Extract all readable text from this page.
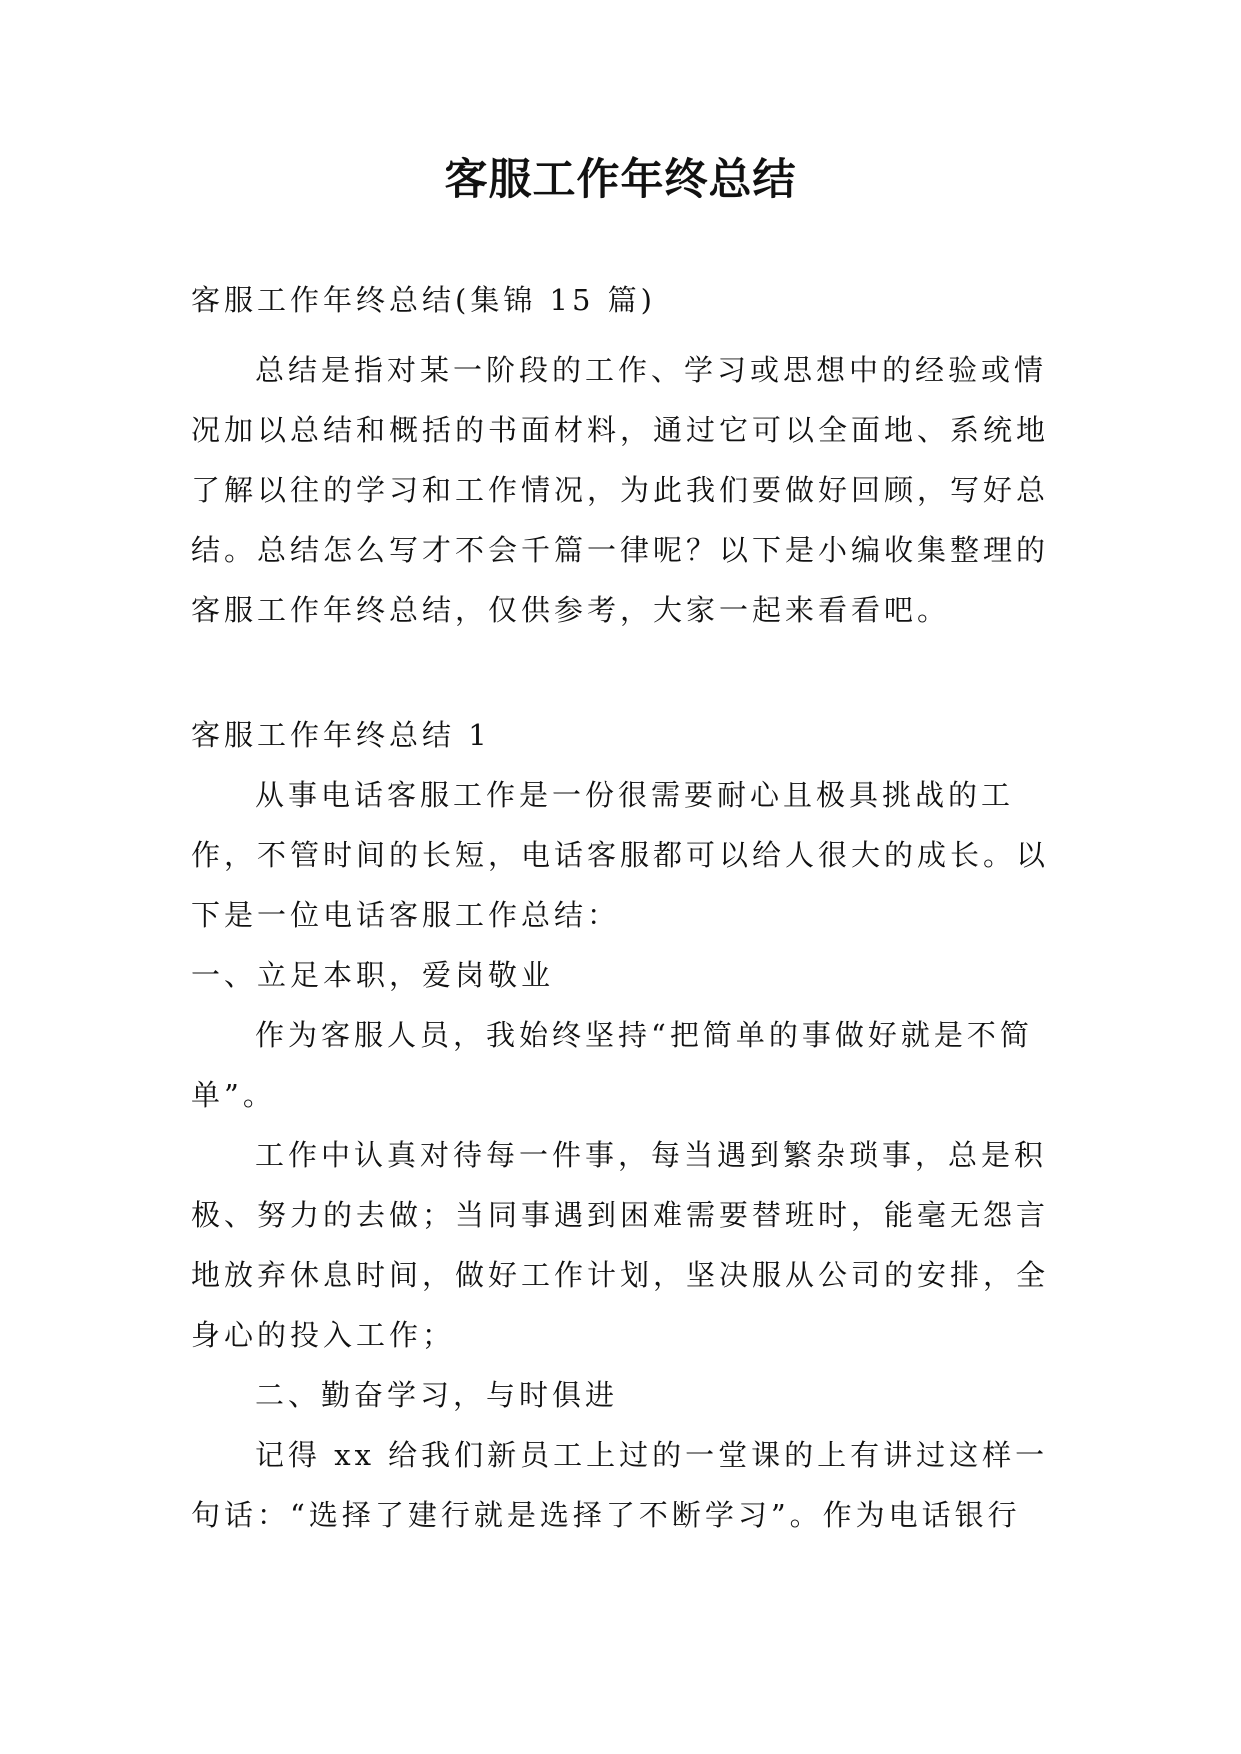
客服工作年终总结
客服工作年终总结(集锦 15 篇)
总结是指对某一阶段的工作、学习或思想中的经验或情
况加以总结和概括的书面材料，通过它可以全面地、系统地
了解以往的学习和工作情况，为此我们要做好回顾，写好总
结。总结怎么写才不会千篇一律呢？以下是小编收集整理的
客服工作年终总结，仅供参考，大家一起来看看吧。
客服工作年终总结 1
从事电话客服工作是一份很需要耐心且极具挑战的工
作，不管时间的长短，电话客服都可以给人很大的成长。以
下是一位电话客服工作总结：
一、立足本职，爱岗敬业
作为客服人员，我始终坚持“把简单的事做好就是不简
单”。
工作中认真对待每一件事，每当遇到繁杂琐事，总是积
极、努力的去做；当同事遇到困难需要替班时，能毫无怨言
地放弃休息时间，做好工作计划，坚决服从公司的安排，全
身心的投入工作；
二、勤奋学习，与时俱进
记得 xx 给我们新员工上过的一堂课的上有讲过这样一
句话：“选择了建行就是选择了不断学习”。作为电话银行
